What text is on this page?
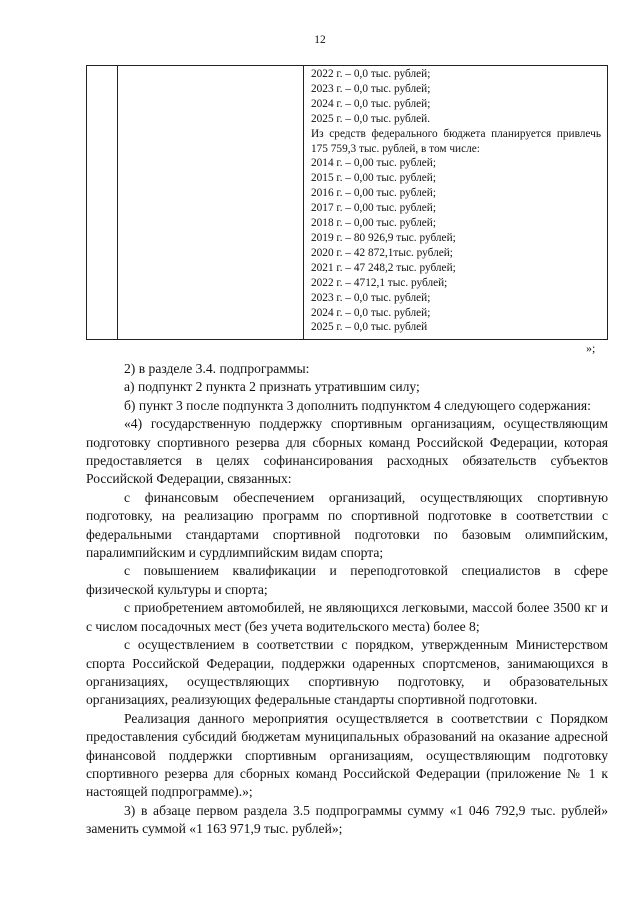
12
2022 г. – 0,0 тыс. рублей;
2023 г. – 0,0 тыс. рублей;
2024 г. – 0,0 тыс. рублей;
2025 г. – 0,0 тыс. рублей.
Из средств федерального бюджета планируется привлечь 175 759,3 тыс. рублей, в том числе:
2014 г. – 0,00 тыс. рублей;
2015 г. – 0,00 тыс. рублей;
2016 г. – 0,00 тыс. рублей;
2017 г. – 0,00 тыс. рублей;
2018 г. – 0,00 тыс. рублей;
2019 г. – 80 926,9 тыс. рублей;
2020 г. – 42 872,1тыс. рублей;
2021 г. – 47 248,2 тыс. рублей;
2022 г. – 4712,1 тыс. рублей;
2023 г. – 0,0 тыс. рублей;
2024 г. – 0,0 тыс. рублей;
2025 г. – 0,0 тыс. рублей
»;

2) в разделе 3.4. подпрограммы:

а) подпункт 2 пункта 2 признать утратившим силу;

б) пункт 3 после подпункта 3 дополнить подпунктом 4 следующего содержания:

«4) государственную поддержку спортивным организациям, осуществляющим подготовку спортивного резерва для сборных команд Российской Федерации, которая предоставляется в целях софинансирования расходных обязательств субъектов Российской Федерации, связанных:

с финансовым обеспечением организаций, осуществляющих спортивную подготовку, на реализацию программ по спортивной подготовке в соответствии с федеральными стандартами спортивной подготовки по базовым олимпийским, паралимпийским и сурдлимпийским видам спорта;

с повышением квалификации и переподготовкой специалистов в сфере физической культуры и спорта;

с приобретением автомобилей, не являющихся легковыми, массой более 3500 кг и с числом посадочных мест (без учета водительского места) более 8;

с осуществлением в соответствии с порядком, утвержденным Министерством спорта Российской Федерации, поддержки одаренных спортсменов, занимающихся в организациях, осуществляющих спортивную подготовку, и образовательных организациях, реализующих федеральные стандарты спортивной подготовки.

Реализация данного мероприятия осуществляется в соответствии с Порядком предоставления субсидий бюджетам муниципальных образований на оказание адресной финансовой поддержки спортивным организациям, осуществляющим подготовку спортивного резерва для сборных команд Российской Федерации (приложение № 1 к настоящей подпрограмме).»;

3) в абзаце первом раздела 3.5 подпрограммы сумму «1 046 792,9 тыс. рублей» заменить суммой «1 163 971,9 тыс. рублей»;
